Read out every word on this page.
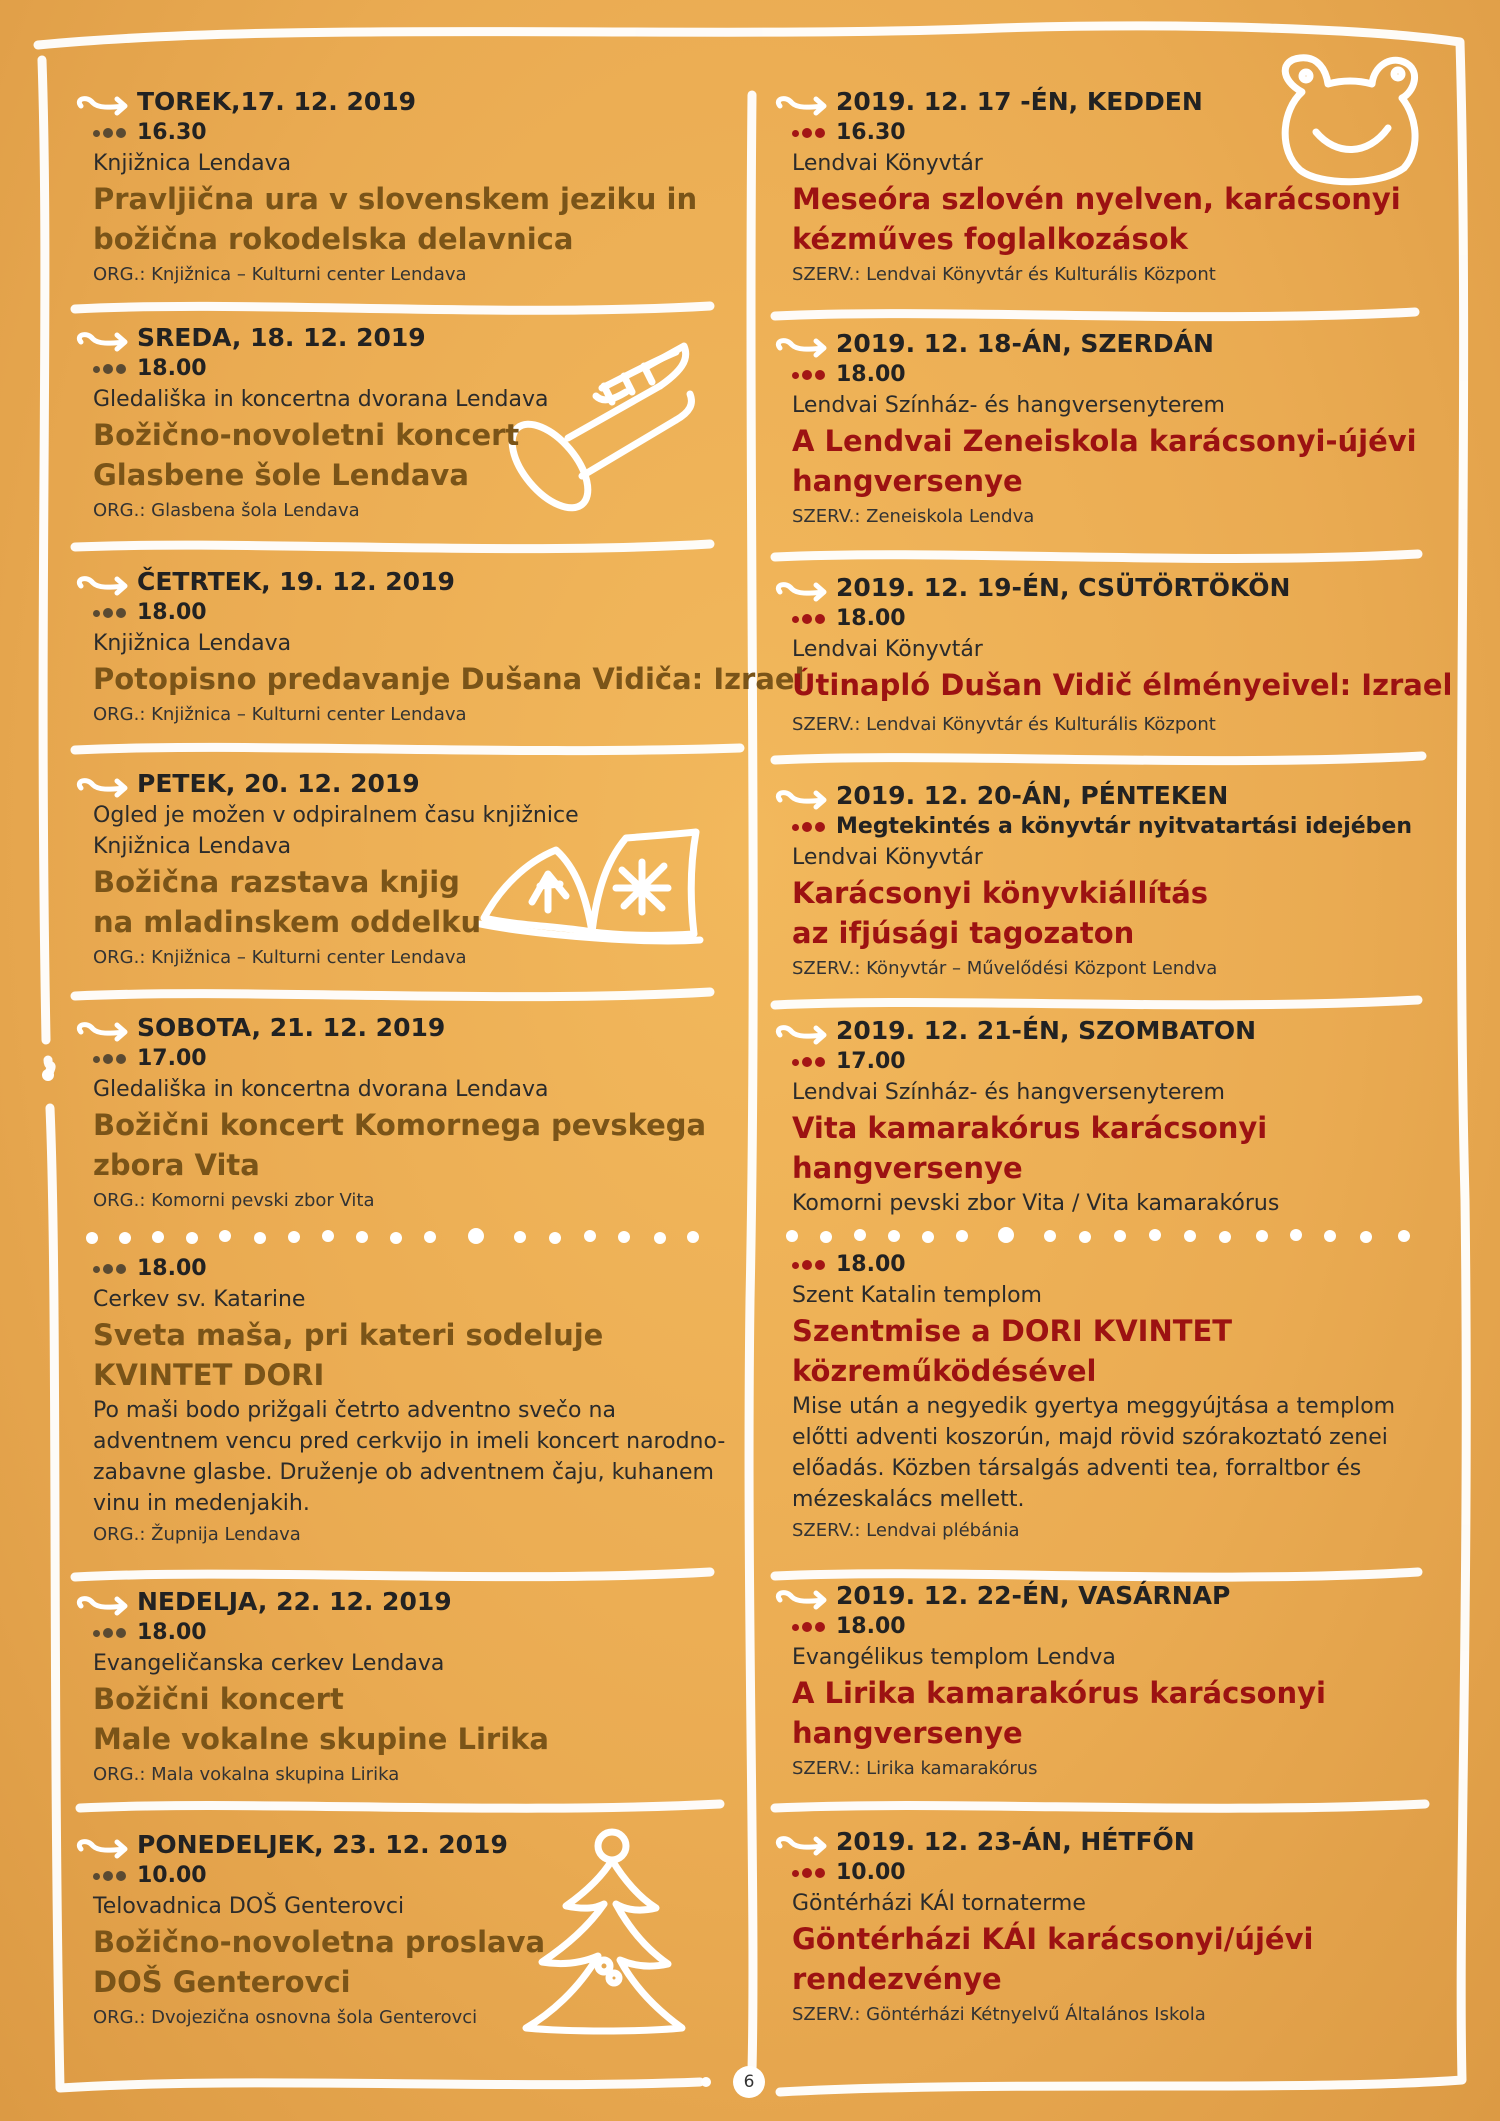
TOREK,17. 12. 2019
16.30
Knjižnica Lendava
Pravljična ura v slovenskem jeziku in
božična rokodelska delavnica
ORG.: Knjižnica – Kulturni center Lendava
SREDA, 18. 12. 2019
18.00
Gledališka in koncertna dvorana Lendava
Božično-novoletni koncert
Glasbene šole Lendava
ORG.: Glasbena šola Lendava
ČETRTEK, 19. 12. 2019
18.00
Knjižnica Lendava
Potopisno predavanje Dušana Vidiča: Izrael
ORG.: Knjižnica – Kulturni center Lendava
PETEK, 20. 12. 2019
Ogled je možen v odpiralnem času knjižnice
Knjižnica Lendava
Božična razstava knjig
na mladinskem oddelku
ORG.: Knjižnica – Kulturni center Lendava
SOBOTA, 21. 12. 2019
17.00
Gledališka in koncertna dvorana Lendava
Božični koncert Komornega pevskega
zbora Vita
ORG.: Komorni pevski zbor Vita
18.00
Cerkev sv. Katarine
Sveta maša, pri kateri sodeluje
KVINTET DORI
Po maši bodo prižgali četrto adventno svečo na
adventnem vencu pred cerkvijo in imeli koncert narodno-
zabavne glasbe. Druženje ob adventnem čaju, kuhanem
vinu in medenjakih.
ORG.: Župnija Lendava
NEDELJA, 22. 12. 2019
18.00
Evangeličanska cerkev Lendava
Božični koncert
Male vokalne skupine Lirika
ORG.: Mala vokalna skupina Lirika
PONEDELJEK, 23. 12. 2019
10.00
Telovadnica DOŠ Genterovci
Božično-novoletna proslava
DOŠ Genterovci
ORG.: Dvojezična osnovna šola Genterovci
2019. 12. 17 -ÉN, KEDDEN
16.30
Lendvai Könyvtár
Meseóra szlovén nyelven, karácsonyi
kézműves foglalkozások
SZERV.: Lendvai Könyvtár és Kulturális Központ
2019. 12. 18-ÁN, SZERDÁN
18.00
Lendvai Színház- és hangversenyterem
A Lendvai Zeneiskola karácsonyi-újévi
hangversenye
SZERV.: Zeneiskola Lendva
2019. 12. 19-ÉN, CSÜTÖRTÖKÖN
18.00
Lendvai Könyvtár
Útinapló Dušan Vidič élményeivel: Izrael
SZERV.: Lendvai Könyvtár és Kulturális Központ
2019. 12. 20-ÁN, PÉNTEKEN
Megtekintés a könyvtár nyitvatartási idejében
Lendvai Könyvtár
Karácsonyi könyvkiállítás
az ifjúsági tagozaton
SZERV.: Könyvtár – Művelődési Központ Lendva
2019. 12. 21-ÉN, SZOMBATON
17.00
Lendvai Színház- és hangversenyterem
Vita kamarakórus karácsonyi
hangversenye
Komorni pevski zbor Vita / Vita kamarakórus
18.00
Szent Katalin templom
Szentmise a DORI KVINTET
közreműködésével
Mise után a negyedik gyertya meggyújtása a templom
előtti adventi koszorún, majd rövid szórakoztató zenei
előadás. Közben társalgás adventi tea, forraltbor és
mézeskalács mellett.
SZERV.: Lendvai plébánia
2019. 12. 22-ÉN, VASÁRNAP
18.00
Evangélikus templom Lendva
A Lirika kamarakórus karácsonyi
hangversenye
SZERV.: Lirika kamarakórus
2019. 12. 23-ÁN, HÉTFŐN
10.00
Göntérházi KÁI tornaterme
Göntérházi KÁI karácsonyi/újévi
rendezvénye
SZERV.: Göntérházi Kétnyelvű Általános Iskola
6
